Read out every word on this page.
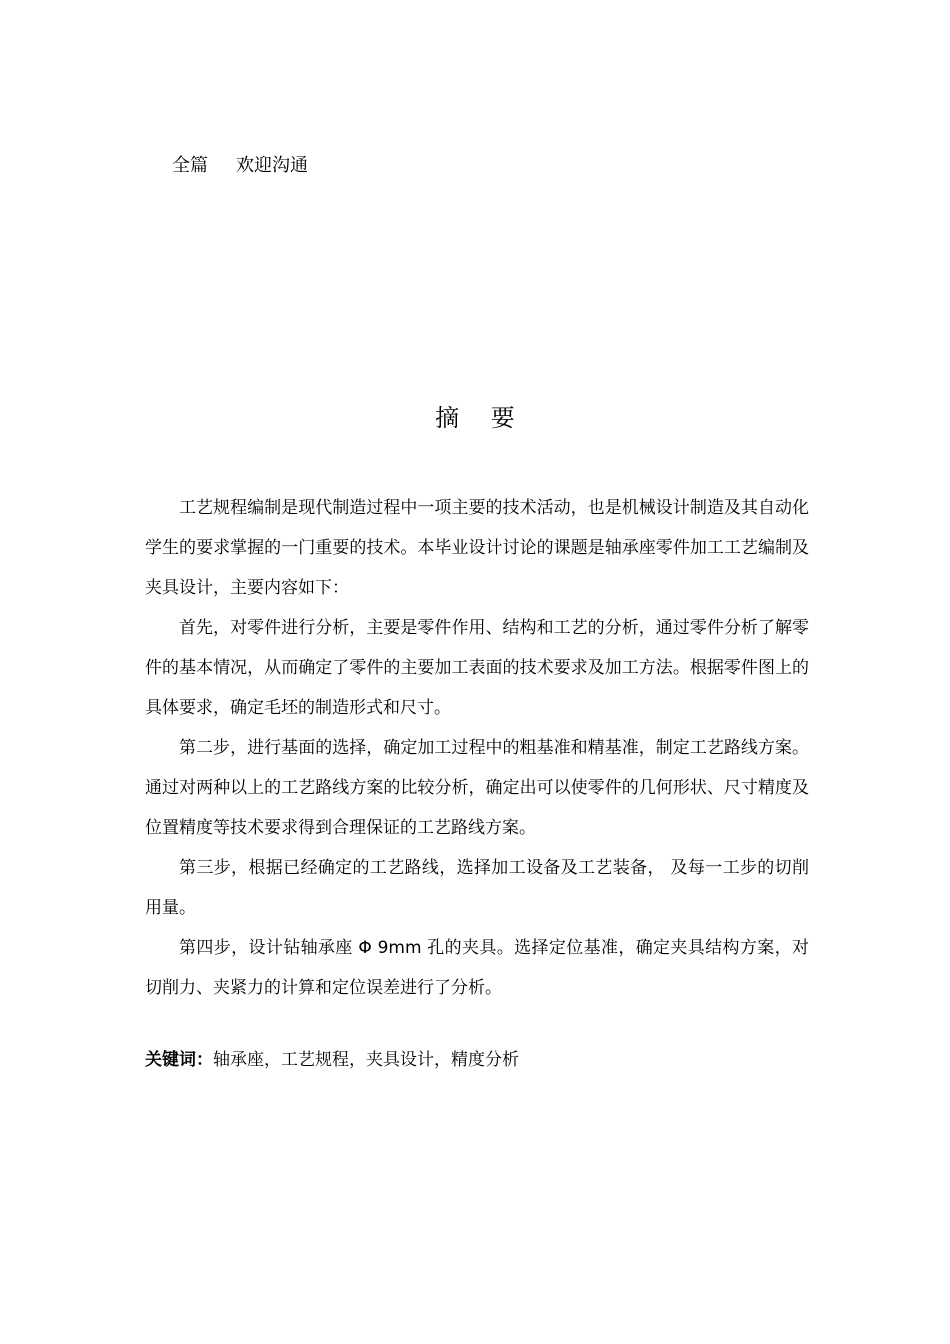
全篇 欢迎沟通
摘 要

工艺规程编制是现代制造过程中一项主要的技术活动，也是机械设计制造及其自动化学生的要求掌握的一门重要的技术。本毕业设计讨论的课题是轴承座零件加工工艺编制及夹具设计，主要内容如下：

首先，对零件进行分析，主要是零件作用、结构和工艺的分析，通过零件分析了解零件的基本情况，从而确定了零件的主要加工表面的技术要求及加工方法。根据零件图上的具体要求，确定毛坯的制造形式和尺寸。

第二步，进行基面的选择，确定加工过程中的粗基准和精基准，制定工艺路线方案。通过对两种以上的工艺路线方案的比较分析，确定出可以使零件的几何形状、尺寸精度及位置精度等技术要求得到合理保证的工艺路线方案。

第三步，根据已经确定的工艺路线，选择加工设备及工艺装备， 及每一工步的切削用量。

第四步，设计钻轴承座 Φ 9mm 孔的夹具。选择定位基准，确定夹具结构方案，对切削力、夹紧力的计算和定位误差进行了分析。

关键词：轴承座，工艺规程，夹具设计，精度分析
